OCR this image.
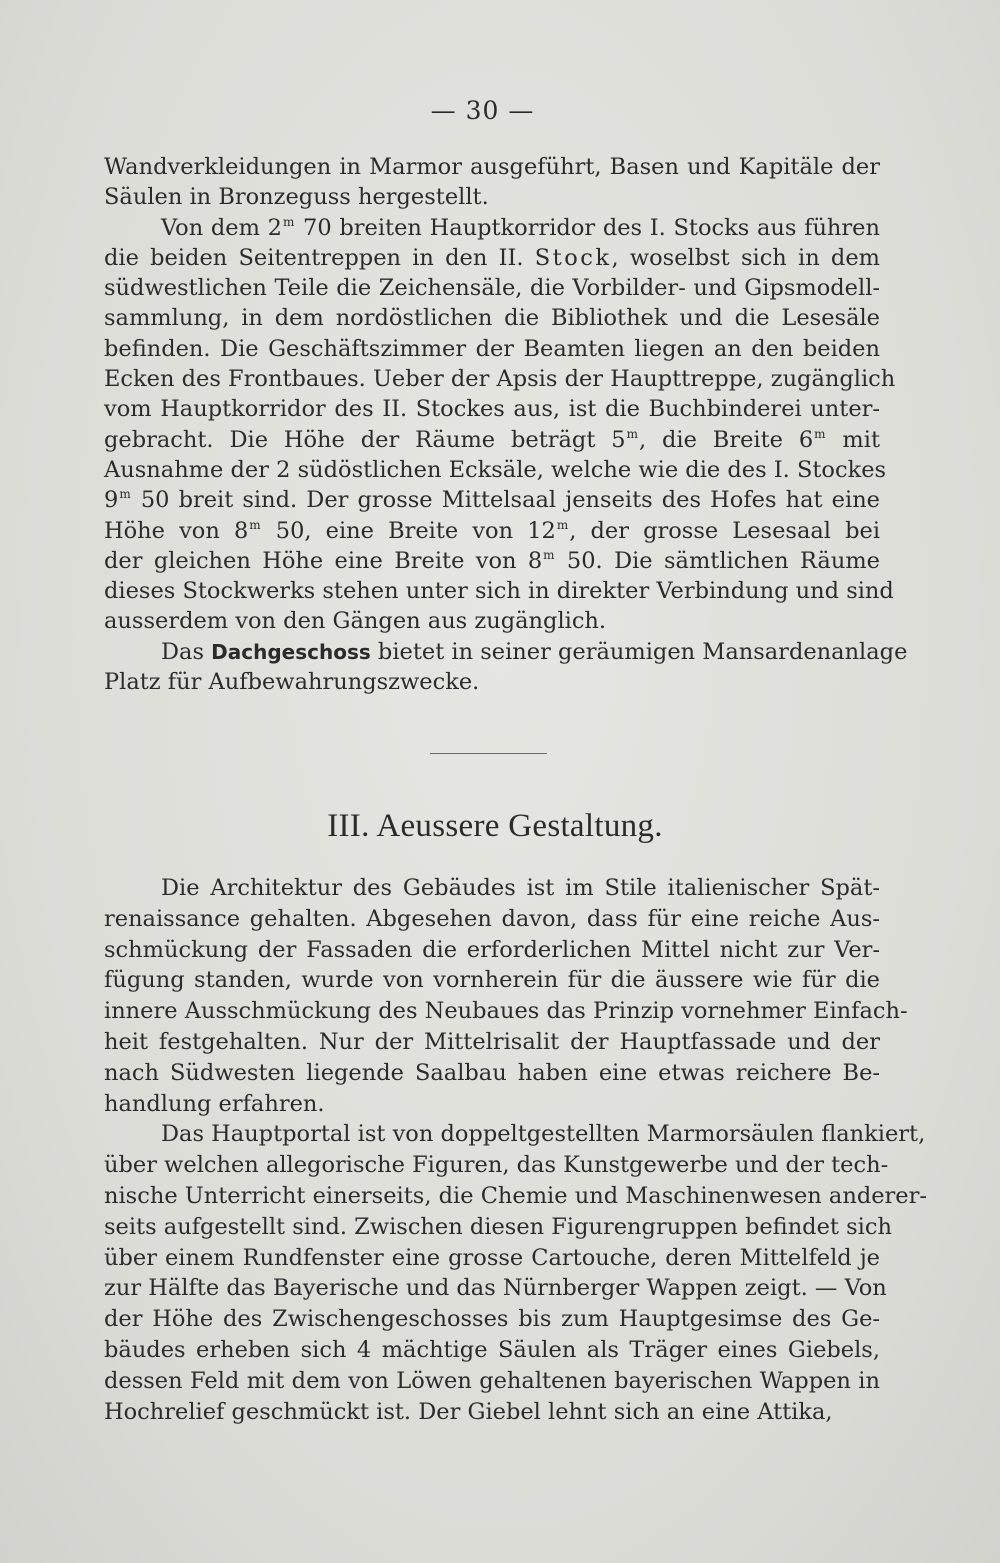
— 30 —

Wandverkleidungen in Marmor ausgeführt, Basen und Kapitäle der
Säulen in Bronzeguss hergestellt.

Von dem 2$^m$ 70 breiten Hauptkorridor des I. Stocks aus führen
die beiden Seitentreppen in den II. Stock, woselbst sich in dem
südwestlichen Teile die Zeichensäle, die Vorbilder- und Gipsmodell-
sammlung, in dem nordöstlichen die Bibliothek und die Lesesäle
befinden. Die Geschäftszimmer der Beamten liegen an den beiden
Ecken des Frontbaues. Ueber der Apsis der Haupttreppe, zugänglich
vom Hauptkorridor des II. Stockes aus, ist die Buchbinderei unter-
gebracht. Die Höhe der Räume beträgt 5$^m$, die Breite 6$^m$ mit
Ausnahme der 2 südöstlichen Ecksäle, welche wie die des I. Stockes
9$^m$ 50 breit sind. Der grosse Mittelsaal jenseits des Hofes hat eine
Höhe von 8$^m$ 50, eine Breite von 12$^m$, der grosse Lesesaal bei
der gleichen Höhe eine Breite von 8$^m$ 50. Die sämtlichen Räume
dieses Stockwerks stehen unter sich in direkter Verbindung und sind
ausserdem von den Gängen aus zugänglich.

Das Dachgeschoss bietet in seiner geräumigen Mansardenanlage
Platz für Aufbewahrungszwecke.

III. Aeussere Gestaltung.

Die Architektur des Gebäudes ist im Stile italienischer Spät-
renaissance gehalten. Abgesehen davon, dass für eine reiche Aus-
schmückung der Fassaden die erforderlichen Mittel nicht zur Ver-
fügung standen, wurde von vornherein für die äussere wie für die
innere Ausschmückung des Neubaues das Prinzip vornehmer Einfach-
heit festgehalten. Nur der Mittelrisalit der Hauptfassade und der
nach Südwesten liegende Saalbau haben eine etwas reichere Be-
handlung erfahren.

Das Hauptportal ist von doppeltgestellten Marmorsäulen flankiert,
über welchen allegorische Figuren, das Kunstgewerbe und der tech-
nische Unterricht einerseits, die Chemie und Maschinenwesen anderer-
seits aufgestellt sind. Zwischen diesen Figurengruppen befindet sich
über einem Rundfenster eine grosse Cartouche, deren Mittelfeld je
zur Hälfte das Bayerische und das Nürnberger Wappen zeigt. — Von
der Höhe des Zwischengeschosses bis zum Hauptgesimse des Ge-
bäudes erheben sich 4 mächtige Säulen als Träger eines Giebels,
dessen Feld mit dem von Löwen gehaltenen bayerischen Wappen in
Hochrelief geschmückt ist. Der Giebel lehnt sich an eine Attika,
